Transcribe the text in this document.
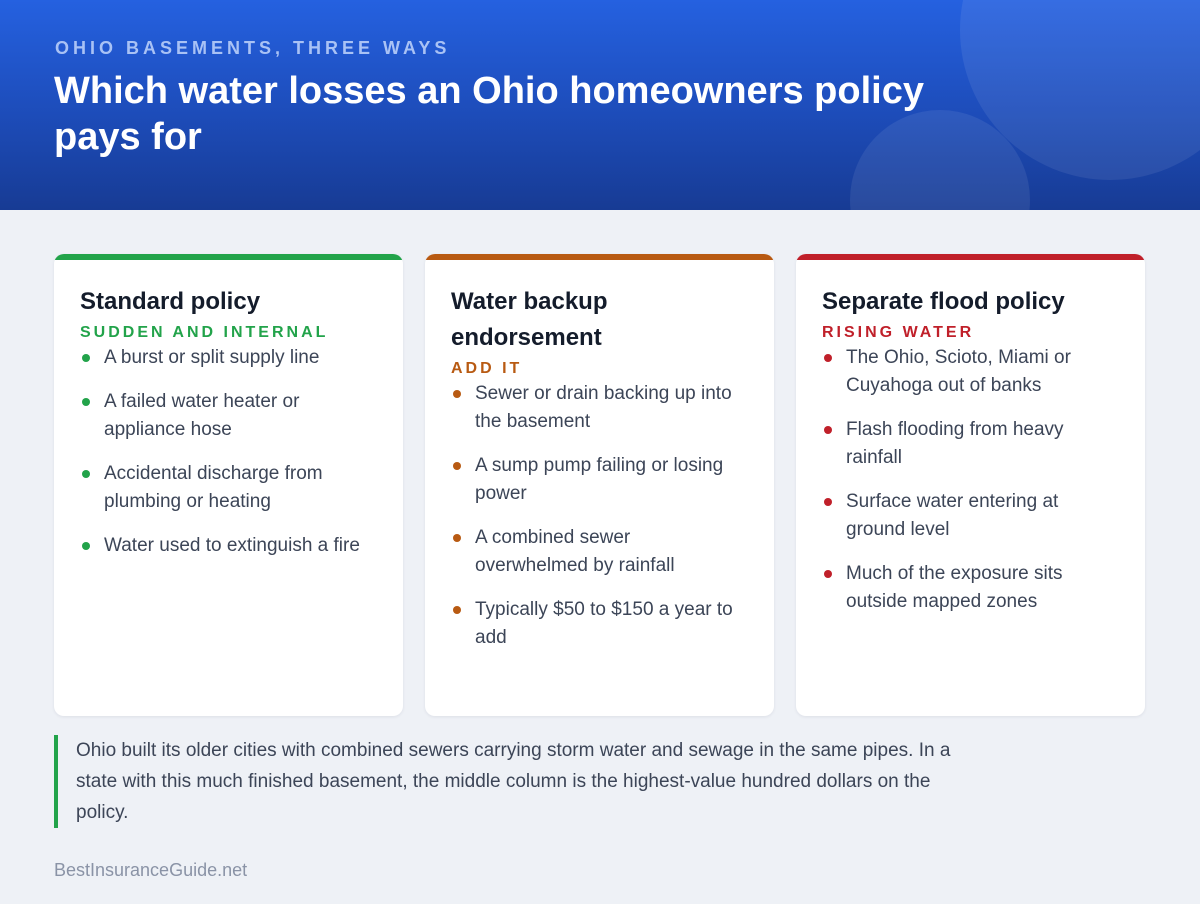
OHIO BASEMENTS, THREE WAYS
Which water losses an Ohio homeowners policy pays for
Standard policy
SUDDEN AND INTERNAL
A burst or split supply line
A failed water heater or appliance hose
Accidental discharge from plumbing or heating
Water used to extinguish a fire
Water backup endorsement
ADD IT
Sewer or drain backing up into the basement
A sump pump failing or losing power
A combined sewer overwhelmed by rainfall
Typically $50 to $150 a year to add
Separate flood policy
RISING WATER
The Ohio, Scioto, Miami or Cuyahoga out of banks
Flash flooding from heavy rainfall
Surface water entering at ground level
Much of the exposure sits outside mapped zones
Ohio built its older cities with combined sewers carrying storm water and sewage in the same pipes. In a state with this much finished basement, the middle column is the highest-value hundred dollars on the policy.
BestInsuranceGuide.net
